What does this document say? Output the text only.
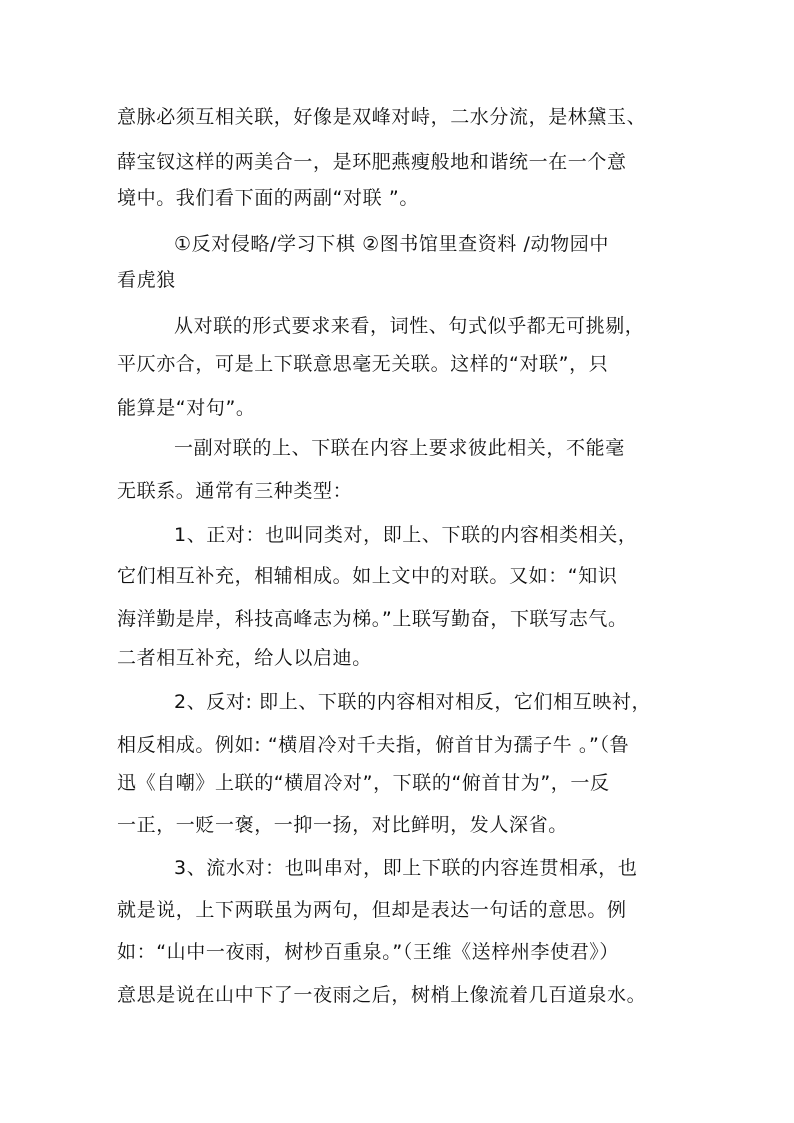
意脉必须互相关联，好像是双峰对峙，二水分流，是林黛玉、
薛宝钗这样的两美合一，是环肥燕瘦般地和谐统一在一个意
境中。我们看下面的两副“对联 ”。
①反对侵略/学习下棋 ②图书馆里查资料 /动物园中
看虎狼
从对联的形式要求来看，词性、句式似乎都无可挑剔，
平仄亦合，可是上下联意思毫无关联。这样的“对联”，只
能算是“对句”。
一副对联的上、下联在内容上要求彼此相关，不能毫
无联系。通常有三种类型：
1、正对：也叫同类对，即上、下联的内容相类相关，
它们相互补充，相辅相成。如上文中的对联。又如：“知识
海洋勤是岸，科技高峰志为梯。”上联写勤奋，下联写志气。
二者相互补充，给人以启迪。
2、反对: 即上、下联的内容相对相反，它们相互映衬，
相反相成。例如: “横眉冷对千夫指，俯首甘为孺子牛 。”（鲁
迅《自嘲》上联的“横眉冷对”，下联的“俯首甘为”，一反
一正，一贬一褒，一抑一扬，对比鲜明，发人深省。
3、流水对：也叫串对，即上下联的内容连贯相承，也
就是说，上下两联虽为两句，但却是表达一句话的意思。例
如：“山中一夜雨，树杪百重泉。”（王维《送梓州李使君》）
意思是说在山中下了一夜雨之后，树梢上像流着几百道泉水。
